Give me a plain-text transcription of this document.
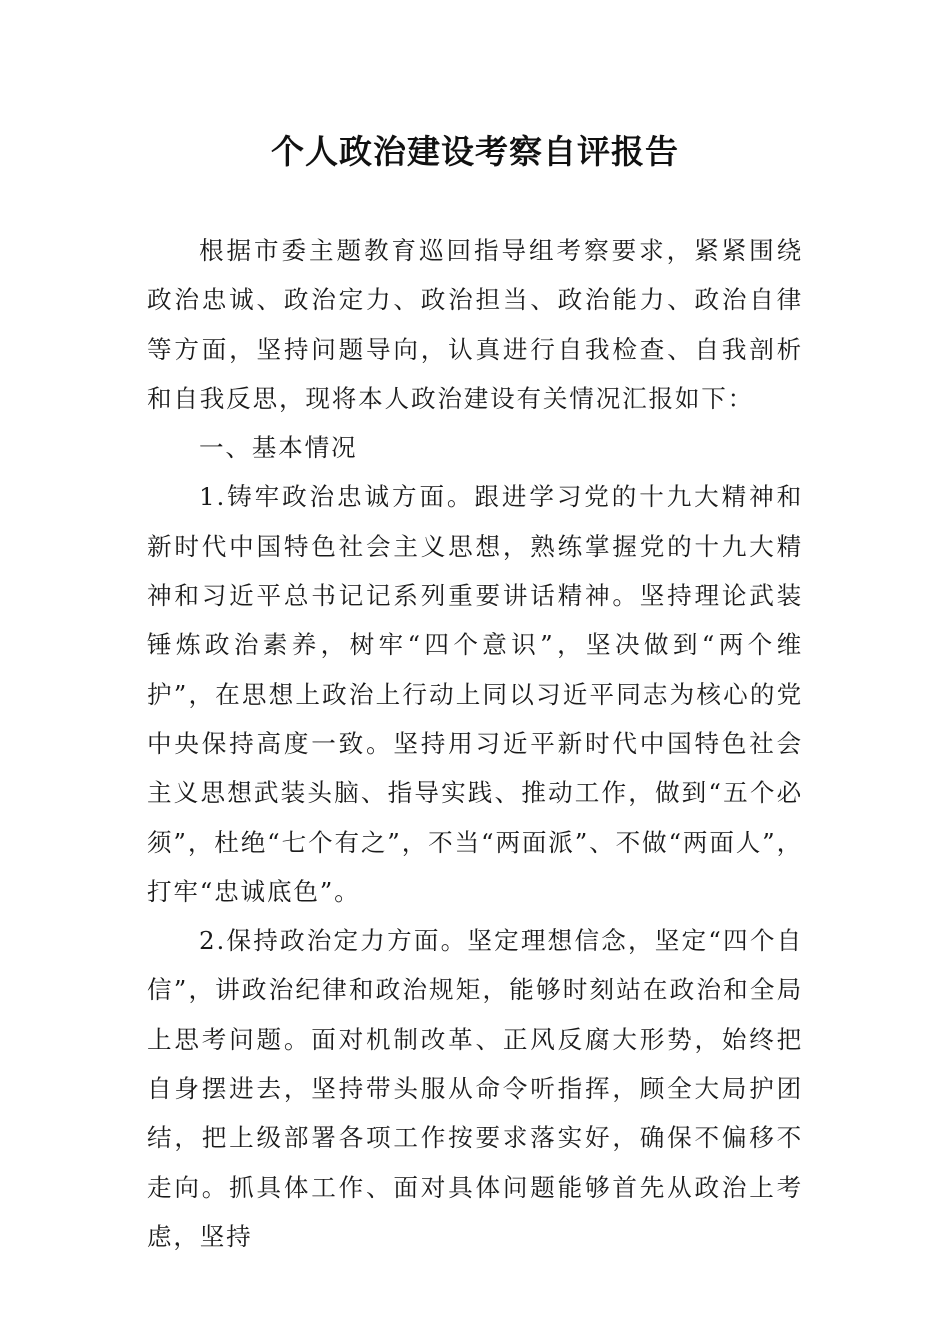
个人政治建设考察自评报告

根据市委主题教育巡回指导组考察要求，紧紧围绕政治忠诚、政治定力、政治担当、政治能力、政治自律等方面，坚持问题导向，认真进行自我检查、自我剖析和自我反思，现将本人政治建设有关情况汇报如下：

一、基本情况

1.铸牢政治忠诚方面。跟进学习党的十九大精神和新时代中国特色社会主义思想，熟练掌握党的十九大精神和习近平总书记记系列重要讲话精神。坚持理论武装锤炼政治素养，树牢“四个意识”，坚决做到“两个维护”，在思想上政治上行动上同以习近平同志为核心的党中央保持高度一致。坚持用习近平新时代中国特色社会主义思想武装头脑、指导实践、推动工作，做到“五个必须”，杜绝“七个有之”，不当“两面派”、不做“两面人”，打牢“忠诚底色”。

2.保持政治定力方面。坚定理想信念，坚定“四个自信”，讲政治纪律和政治规矩，能够时刻站在政治和全局上思考问题。面对机制改革、正风反腐大形势，始终把自身摆进去，坚持带头服从命令听指挥，顾全大局护团结，把上级部署各项工作按要求落实好，确保不偏移不走向。抓具体工作、面对具体问题能够首先从政治上考虑，坚持
